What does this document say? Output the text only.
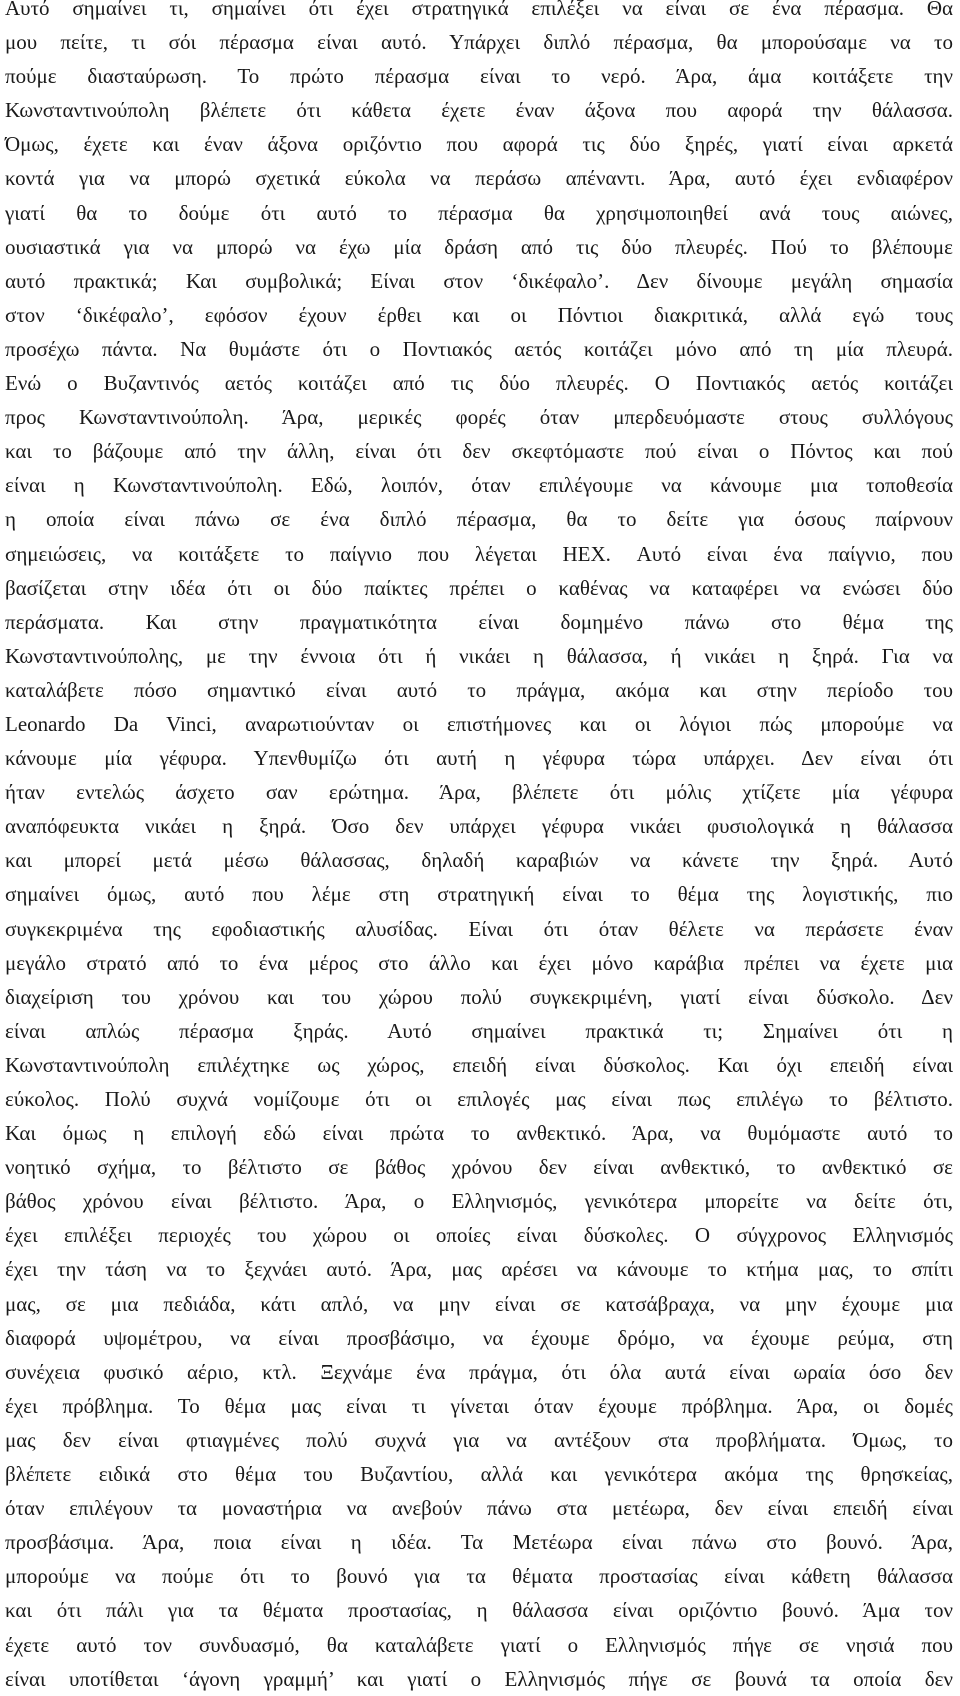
Αυτό σημαίνει τι, σημαίνει ότι έχει στρατηγικά επιλέξει να είναι σε ένα πέρασμα. Θα
μου πείτε, τι σόι πέρασμα είναι αυτό. Υπάρχει διπλό πέρασμα, θα μπορούσαμε να το
πούμε διασταύρωση. Το πρώτο πέρασμα είναι το νερό. Άρα, άμα κοιτάξετε την
Κωνσταντινούπολη βλέπετε ότι κάθετα έχετε έναν άξονα που αφορά την θάλασσα.
Όμως, έχετε και έναν άξονα οριζόντιο που αφορά τις δύο ξηρές, γιατί είναι αρκετά
κοντά για να μπορώ σχετικά εύκολα να περάσω απέναντι. Άρα, αυτό έχει ενδιαφέρον
γιατί θα το δούμε ότι αυτό το πέρασμα θα χρησιμοποιηθεί ανά τους αιώνες,
ουσιαστικά για να μπορώ να έχω μία δράση από τις δύο πλευρές. Πού το βλέπουμε
αυτό πρακτικά; Και συμβολικά; Είναι στον ‘δικέφαλο’. Δεν δίνουμε μεγάλη σημασία
στον ‘δικέφαλο’, εφόσον έχουν έρθει και οι Πόντιοι διακριτικά, αλλά εγώ τους
προσέχω πάντα. Να θυμάστε ότι ο Ποντιακός αετός κοιτάζει μόνο από τη μία πλευρά.
Ενώ ο Βυζαντινός αετός κοιτάζει από τις δύο πλευρές. Ο Ποντιακός αετός κοιτάζει
προς Κωνσταντινούπολη. Άρα, μερικές φορές όταν μπερδευόμαστε στους συλλόγους
και το βάζουμε από την άλλη, είναι ότι δεν σκεφτόμαστε πού είναι ο Πόντος και πού
είναι η Κωνσταντινούπολη. Εδώ, λοιπόν, όταν επιλέγουμε να κάνουμε μια τοποθεσία
η οποία είναι πάνω σε ένα διπλό πέρασμα, θα το δείτε για όσους παίρνουν
σημειώσεις, να κοιτάξετε το παίγνιο που λέγεται HEX. Αυτό είναι ένα παίγνιο, που
βασίζεται στην ιδέα ότι οι δύο παίκτες πρέπει ο καθένας να καταφέρει να ενώσει δύο
περάσματα. Και στην πραγματικότητα είναι δομημένο πάνω στο θέμα της
Κωνσταντινούπολης, με την έννοια ότι ή νικάει η θάλασσα, ή νικάει η ξηρά. Για να
καταλάβετε πόσο σημαντικό είναι αυτό το πράγμα, ακόμα και στην περίοδο του
Leonardo Da Vinci, αναρωτιούνταν οι επιστήμονες και οι λόγιοι πώς μπορούμε να
κάνουμε μία γέφυρα. Υπενθυμίζω ότι αυτή η γέφυρα τώρα υπάρχει. Δεν είναι ότι
ήταν εντελώς άσχετο σαν ερώτημα. Άρα, βλέπετε ότι μόλις χτίζετε μία γέφυρα
αναπόφευκτα νικάει η ξηρά. Όσο δεν υπάρχει γέφυρα νικάει φυσιολογικά η θάλασσα
και μπορεί μετά μέσω θάλασσας, δηλαδή καραβιών να κάνετε την ξηρά. Αυτό
σημαίνει όμως, αυτό που λέμε στη στρατηγική είναι το θέμα της λογιστικής, πιο
συγκεκριμένα της εφοδιαστικής αλυσίδας. Είναι ότι όταν θέλετε να περάσετε έναν
μεγάλο στρατό από το ένα μέρος στο άλλο και έχει μόνο καράβια πρέπει να έχετε μια
διαχείριση του χρόνου και του χώρου πολύ συγκεκριμένη, γιατί είναι δύσκολο. Δεν
είναι απλώς πέρασμα ξηράς. Αυτό σημαίνει πρακτικά τι; Σημαίνει ότι η
Κωνσταντινούπολη επιλέχτηκε ως χώρος, επειδή είναι δύσκολος. Και όχι επειδή είναι
εύκολος. Πολύ συχνά νομίζουμε ότι οι επιλογές μας είναι πως επιλέγω το βέλτιστο.
Και όμως η επιλογή εδώ είναι πρώτα το ανθεκτικό. Άρα, να θυμόμαστε αυτό το
νοητικό σχήμα, το βέλτιστο σε βάθος χρόνου δεν είναι ανθεκτικό, το ανθεκτικό σε
βάθος χρόνου είναι βέλτιστο. Άρα, ο Ελληνισμός, γενικότερα μπορείτε να δείτε ότι,
έχει επιλέξει περιοχές του χώρου οι οποίες είναι δύσκολες. Ο σύγχρονος Ελληνισμός
έχει την τάση να το ξεχνάει αυτό. Άρα, μας αρέσει να κάνουμε το κτήμα μας, το σπίτι
μας, σε μια πεδιάδα, κάτι απλό, να μην είναι σε κατσάβραχα, να μην έχουμε μια
διαφορά υψομέτρου, να είναι προσβάσιμο, να έχουμε δρόμο, να έχουμε ρεύμα, στη
συνέχεια φυσικό αέριο, κτλ. Ξεχνάμε ένα πράγμα, ότι όλα αυτά είναι ωραία όσο δεν
έχει πρόβλημα. Το θέμα μας είναι τι γίνεται όταν έχουμε πρόβλημα. Άρα, οι δομές
μας δεν είναι φτιαγμένες πολύ συχνά για να αντέξουν στα προβλήματα. Όμως, το
βλέπετε ειδικά στο θέμα του Βυζαντίου, αλλά και γενικότερα ακόμα της θρησκείας,
όταν επιλέγουν τα μοναστήρια να ανεβούν πάνω στα μετέωρα, δεν είναι επειδή είναι
προσβάσιμα. Άρα, ποια είναι η ιδέα. Τα Μετέωρα είναι πάνω στο βουνό. Άρα,
μπορούμε να πούμε ότι το βουνό για τα θέματα προστασίας είναι κάθετη θάλασσα
και ότι πάλι για τα θέματα προστασίας, η θάλασσα είναι οριζόντιο βουνό. Άμα τον
έχετε αυτό τον συνδυασμό, θα καταλάβετε γιατί ο Ελληνισμός πήγε σε νησιά που
είναι υποτίθεται ‘άγονη γραμμή’ και γιατί ο Ελληνισμός πήγε σε βουνά τα οποία δεν
